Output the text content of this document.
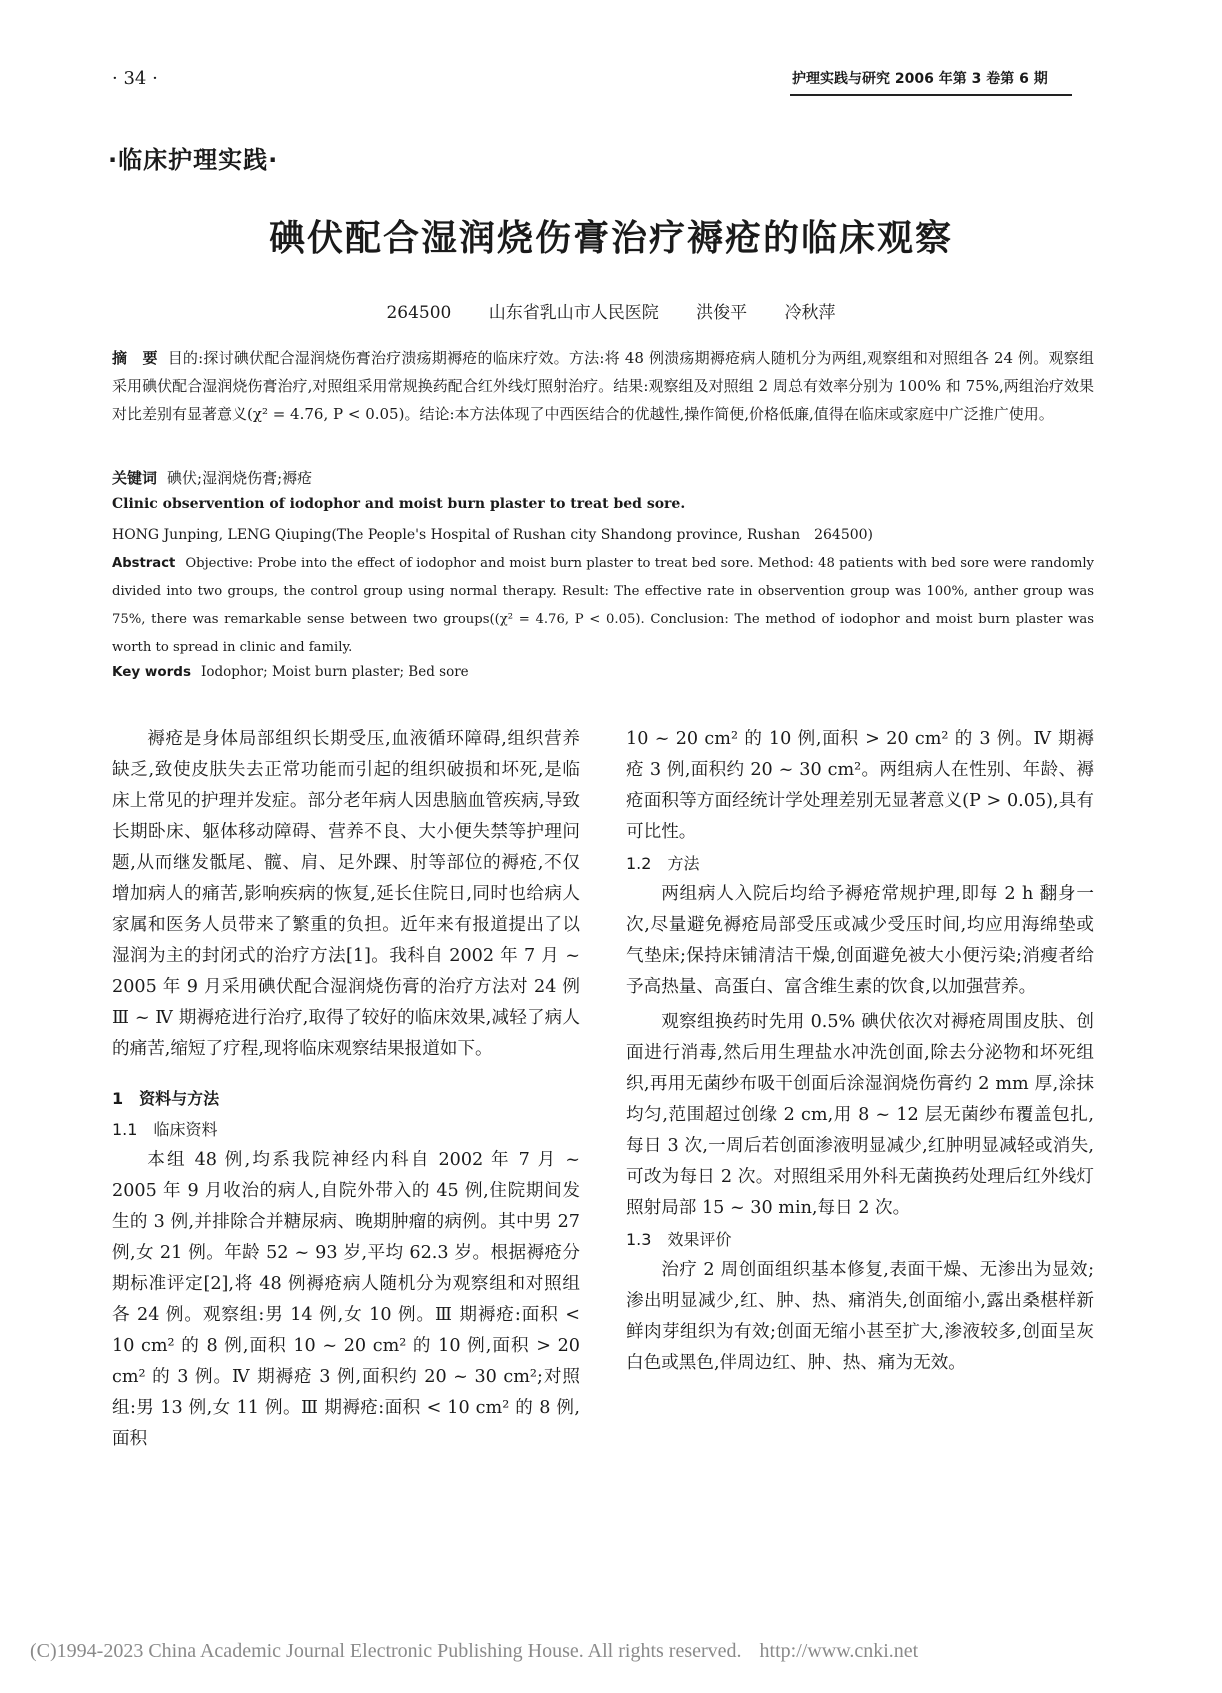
· 34 ·	护理实践与研究 2006 年第 3 卷第 6 期
·临床护理实践·
碘伏配合湿润烧伤膏治疗褥疮的临床观察
264500 山东省乳山市人民医院 洪俊平 冷秋萍
摘　要 目的:探讨碘伏配合湿润烧伤膏治疗溃疡期褥疮的临床疗效。方法:将 48 例溃疡期褥疮病人随机分为两组,观察组和对照组各 24 例。观察组采用碘伏配合湿润烧伤膏治疗,对照组采用常规换药配合红外线灯照射治疗。结果:观察组及对照组 2 周总有效率分别为 100% 和 75%,两组治疗效果对比差别有显著意义(χ² = 4.76, P < 0.05)。结论:本方法体现了中西医结合的优越性,操作简便,价格低廉,值得在临床或家庭中广泛推广使用。
关键词 碘伏;湿润烧伤膏;褥疮
Clinic observention of iodophor and moist burn plaster to treat bed sore.
HONG Junping, LENG Qiuping(The People's Hospital of Rushan city Shandong province, Rushan　264500)
Abstract Objective: Probe into the effect of iodophor and moist burn plaster to treat bed sore. Method: 48 patients with bed sore were randomly divided into two groups, the control group using normal therapy. Result: The effective rate in observention group was 100%, anther group was 75%, there was remarkable sense between two groups((χ² = 4.76, P < 0.05). Conclusion: The method of iodophor and moist burn plaster was worth to spread in clinic and family.
Key words Iodophor; Moist burn plaster; Bed sore

褥疮是身体局部组织长期受压,血液循环障碍,组织营养缺乏,致使皮肤失去正常功能而引起的组织破损和坏死,是临床上常见的护理并发症。部分老年病人因患脑血管疾病,导致长期卧床、躯体移动障碍、营养不良、大小便失禁等护理问题,从而继发骶尾、髋、肩、足外踝、肘等部位的褥疮,不仅增加病人的痛苦,影响疾病的恢复,延长住院日,同时也给病人家属和医务人员带来了繁重的负担。近年来有报道提出了以湿润为主的封闭式的治疗方法[1]。我科自 2002 年 7 月 ~ 2005 年 9 月采用碘伏配合湿润烧伤膏的治疗方法对 24 例 Ⅲ ~ Ⅳ 期褥疮进行治疗,取得了较好的临床效果,减轻了病人的痛苦,缩短了疗程,现将临床观察结果报道如下。

1　资料与方法
1.1　临床资料

本组 48 例,均系我院神经内科自 2002 年 7 月 ~ 2005 年 9 月收治的病人,自院外带入的 45 例,住院期间发生的 3 例,并排除合并糖尿病、晚期肿瘤的病例。其中男 27 例,女 21 例。年龄 52 ~ 93 岁,平均 62.3 岁。根据褥疮分期标准评定[2],将 48 例褥疮病人随机分为观察组和对照组各 24 例。观察组:男 14 例,女 10 例。Ⅲ 期褥疮:面积 < 10 cm² 的 8 例,面积 10 ~ 20 cm² 的 10 例,面积 > 20 cm² 的 3 例。Ⅳ 期褥疮 3 例,面积约 20 ~ 30 cm²;对照组:男 13 例,女 11 例。Ⅲ 期褥疮:面积 < 10 cm² 的 8 例,面积

10 ~ 20 cm² 的 10 例,面积 > 20 cm² 的 3 例。Ⅳ 期褥疮 3 例,面积约 20 ~ 30 cm²。两组病人在性别、年龄、褥疮面积等方面经统计学处理差别无显著意义(P > 0.05),具有可比性。

1.2　方法

两组病人入院后均给予褥疮常规护理,即每 2 h 翻身一次,尽量避免褥疮局部受压或减少受压时间,均应用海绵垫或气垫床;保持床铺清洁干燥,创面避免被大小便污染;消瘦者给予高热量、高蛋白、富含维生素的饮食,以加强营养。

观察组换药时先用 0.5% 碘伏依次对褥疮周围皮肤、创面进行消毒,然后用生理盐水冲洗创面,除去分泌物和坏死组织,再用无菌纱布吸干创面后涂湿润烧伤膏约 2 mm 厚,涂抹均匀,范围超过创缘 2 cm,用 8 ~ 12 层无菌纱布覆盖包扎,每日 3 次,一周后若创面渗液明显减少,红肿明显减轻或消失,可改为每日 2 次。对照组采用外科无菌换药处理后红外线灯照射局部 15 ~ 30 min,每日 2 次。

1.3　效果评价

治疗 2 周创面组织基本修复,表面干燥、无渗出为显效;渗出明显减少,红、肿、热、痛消失,创面缩小,露出桑椹样新鲜肉芽组织为有效;创面无缩小甚至扩大,渗液较多,创面呈灰白色或黑色,伴周边红、肿、热、痛为无效。

(C)1994-2023 China Academic Journal Electronic Publishing House. All rights reserved. http://www.cnki.net
